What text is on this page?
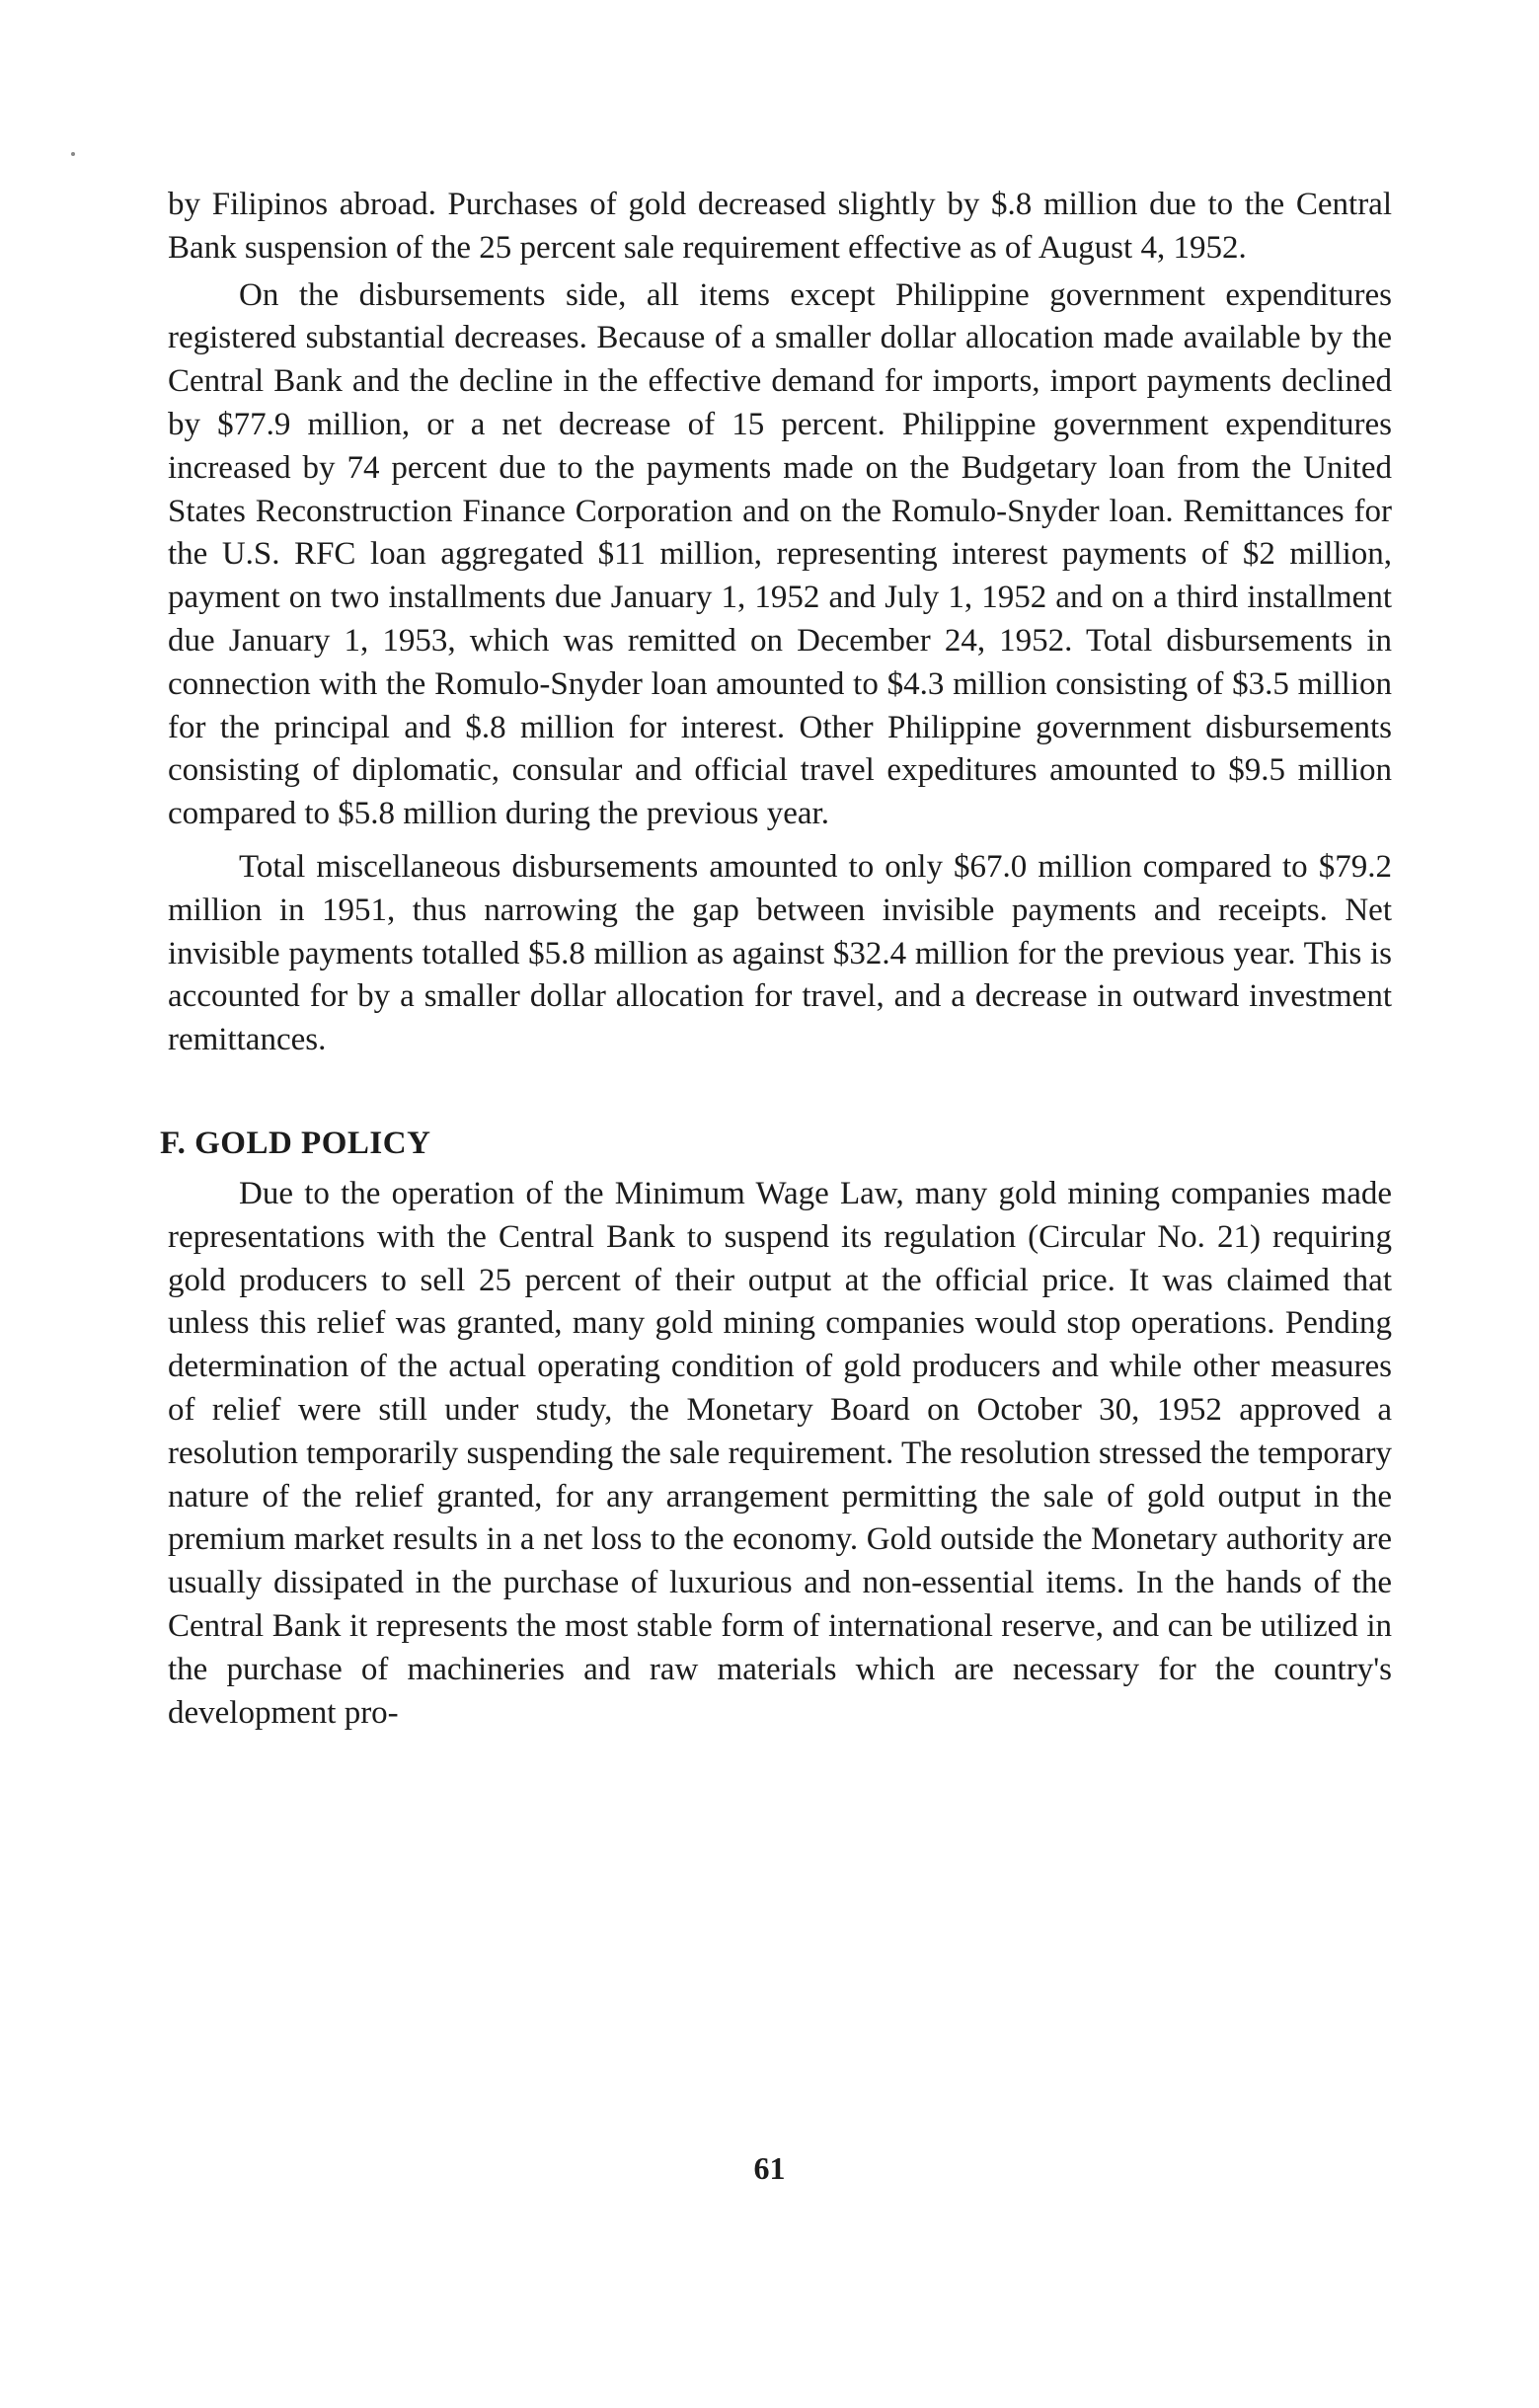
by Filipinos abroad. Purchases of gold decreased slightly by $.8 million due to the Central Bank suspension of the 25 percent sale requirement effective as of August 4, 1952.

On the disbursements side, all items except Philippine government expenditures registered substantial decreases. Because of a smaller dollar allocation made available by the Central Bank and the decline in the effective demand for imports, import payments declined by $77.9 million, or a net decrease of 15 percent. Philippine government expenditures increased by 74 percent due to the payments made on the Budgetary loan from the United States Reconstruction Finance Corporation and on the Romulo-Snyder loan. Remittances for the U.S. RFC loan aggregated $11 million, representing interest payments of $2 million, payment on two installments due January 1, 1952 and July 1, 1952 and on a third installment due January 1, 1953, which was remitted on December 24, 1952. Total disbursements in connection with the Romulo-Snyder loan amounted to $4.3 million consisting of $3.5 million for the principal and $.8 million for interest. Other Philippine government disbursements consisting of diplomatic, consular and official travel expeditures amounted to $9.5 million compared to $5.8 million during the previous year.

Total miscellaneous disbursements amounted to only $67.0 million compared to $79.2 million in 1951, thus narrowing the gap between invisible payments and receipts. Net invisible payments totalled $5.8 million as against $32.4 million for the previous year. This is accounted for by a smaller dollar allocation for travel, and a decrease in outward investment remittances.

F. GOLD POLICY

Due to the operation of the Minimum Wage Law, many gold mining companies made representations with the Central Bank to suspend its regulation (Circular No. 21) requiring gold producers to sell 25 percent of their output at the official price. It was claimed that unless this relief was granted, many gold mining companies would stop operations. Pending determination of the actual operating condition of gold producers and while other measures of relief were still under study, the Monetary Board on October 30, 1952 approved a resolution temporarily suspending the sale requirement. The resolution stressed the temporary nature of the relief granted, for any arrangement permitting the sale of gold output in the premium market results in a net loss to the economy. Gold outside the Monetary authority are usually dissipated in the purchase of luxurious and non-essential items. In the hands of the Central Bank it represents the most stable form of international reserve, and can be utilized in the purchase of machineries and raw materials which are necessary for the country's development pro-

61
